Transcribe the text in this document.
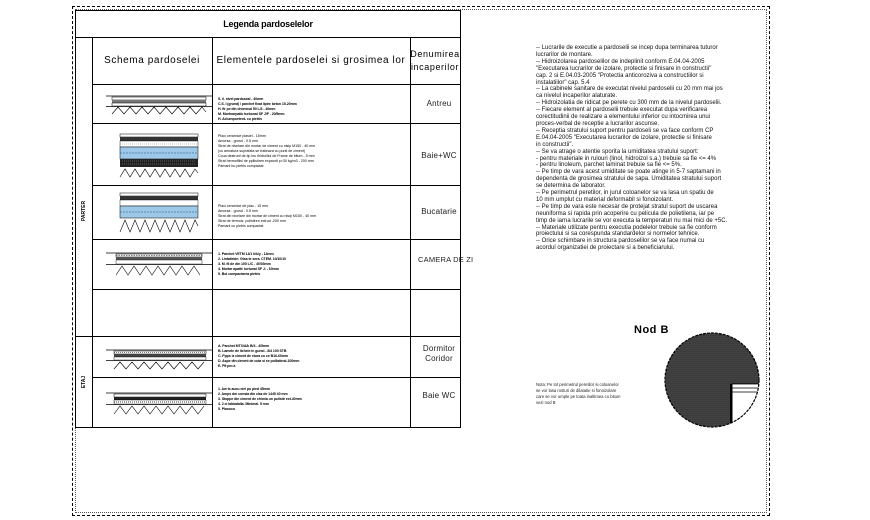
Legenda pardoselelor
Schema pardoselei	Elementele pardoselei si grosimea lor
Denumirea incaperilor
PARTER
ETAJ
S. il. nivel pardoseal - 40mm
C.S. I (grund) / parchet fixat lipire beton 15-20mm
H. fir pe din chemical 50 L/3 - 40mm
M. Mortoarpatic turbonal SF J/F - 20/5mm
H. Aclumpoetent- cu pietris
Antreu
Placi ceramice plasiei - 15mm
Amorsa - grund - 0.5 mm
Strat de nivelare din mortar de ciment cu nisip M150 - 40 mm
(cu armatura suprafata se traileaza cu punti de ciment)
Coua destrunt de tip los rhidroilloi de Frame de bitum - 5 mm
Strat hermofilisl de ppllistiren expandt p>30 kg/m3 - 200 mm
Pamant bu pietris compactat
Baie+WC
Placi ceramice de plac - 15 mm
Amorsa - grund - 0.5 mm
Strat din nivelare din mortar de ciment cu nisip M150 - 40 mm
Strat de termoiz. polistiren extrud -200 mm
Pamant cu pietris compactat
Bucatarie
1. Parchet VETM 14/1 h/k/y - 14mm
2. Lintatiride: Gtsa te sera. CTEM. 10/10/10
3. M. fil de din 100 L/C - 40/03mm
4. Mortar apatit: tortunal SF J: - 60mm
5. Boi compactarea pietris
CAMERA DE ZI
A. Parchet MTX/A/k B/4 - 4/5mm
B. Lamele de lichele in gunst - 8/4 100 STB
C. Ppps iz ciment de ctura cu ce B16-60mm
D. Aspe din ciment de cuta si se pollistinst-100mm
E. Plt pm a
Dormitor Coridor
1. Aw ts aucu ciel pu pied 45mm
2. Amps dm consta din claz de 1445 40 mm
3. Stoppe din ciment de chimia un polistir ext-40mm
4. 2 ci labiadalla. Minimal. 5 mm
5. Planuco
Baie WC
-- Lucrarile de executie a pardoselii se incep dupa terminarea tuturor
lucrarilor de montare.
-- Hidroizolarea pardoselilor de indeplinit conform E.04.04-2005
"Executarea lucrarilor de izolare, protectie si finisare in constructii"
cap. 2 si E.04.03-2005 "Protectia anticoroziva a constructiilor si
instalatiilor" cap. 5.4
-- La cabinele sanitare de executat nivelul pardoselii cu 20 mm mai jos
ca nivelul incaperilor alaturate.
-- Hidroizolatia de ridicat pe perete cu 300 mm de la nivelul pardoselii.
-- Fiecare element al pardoselii trebuie executat dupa verificarea
corectitudinii de realizare a elementului inferior cu intocmirea unui
proces-verbal de receptie a lucrarilor ascunse.
-- Receptia stratului suport pentru pardoseli se va face conform CP
E.04.04-2005 "Executarea lucrarilor de izolare, protectie si finisare
in constructii".
-- Se va atrage o atentie sporita la umiditatea stratului suport:
- pentru materiale in rulouri (linol, hidroizol s.a.) trebuie sa fie <= 4%
- pentru linoleum, parchet laminat trebuie sa fie <= 5%.
-- Pe timp de vara acest umiditate se poate atinge in 5-7 saptamani in
dependenta de grosimea stratului de sapa. Umiditatea stratului suport
se determina de laborator.
-- Pe perimetrul peretilor, in jurul coloanelor se va lasa un spatiu de
10 mm umplut cu material deformabil si fonoizolant.
-- Pe timp de vara este necesar de protejat stratul suport de uscarea
neuniforma si rapida prin acoperire cu pelicula de polietilena, iar pe
timp de iarna lucrarile se vor executa la temperaturi nu mai mici de +5C.
-- Materiale utilizate pentru executia podelelor trebuie sa fie conform
proiectului si sa corespunda standardelor si normelor tehnice.
-- Orice schimbare in structura pardoselilor se va face numai cu
acordul organizatiei de proiectare si a beneficiarului.
Nod B
Nota: Pe tot perimetrul peretilor si coloanelor
se vor lasa rosturi de dilatatie si fonoizolare
care se vor umple pe toata inaltimea cu bitum
vezi nod B
